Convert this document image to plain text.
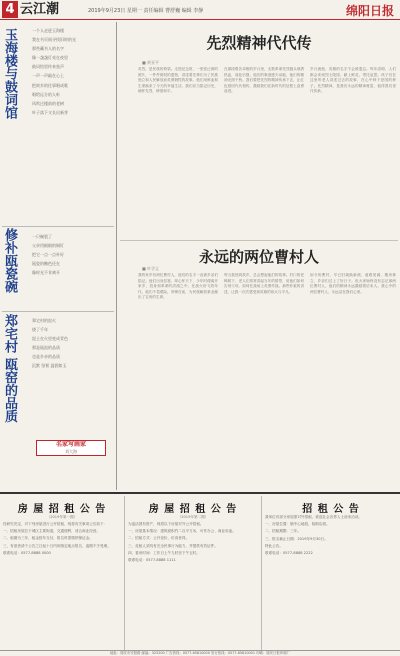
4 云江潮	2019年9月23日 星期一 责任编辑 曹舒巍 编辑 李静	绵阳日报
玉海楼与鼓词馆	一个人走进玉海楼

我在书页间寻找旧时的光

那些藏书人的名字

像一盏盏灯亮在夜里

鼓词馆里传来弦声

一声一声敲在心上

把故乡的往事唱成歌

唱给远方的人听

风吹过楼前的老树

叶子落下又长出新芽

修补瓯瓷碗	一只碗裂了

父亲用细细的铜钉

把它一点一点补好

瓯瓷的釉色还在

像时光不肯离开

郑宅村 瓯窑的品质	郑宅村的窑火

烧了千年

泥土在火里变成青色

那是瓯窑的品质

也是乡亲的品质

沉默 坚韧 温润如玉

名家写画家
刘大海
先烈精神代代传
■ 黄亚平
英烈，是民族的脊梁。走进纪念馆，一张张泛黄的照片，一件件斑驳的遗物，讲述着先辈们为了民族独立和人民解放而英勇牺牲的故事。他们用鲜血和生命换来了今天的幸福生活，我们应当铭记历史，缅怀先烈，珍惜和平。
在那段艰苦卓绝的岁月里，无数革命先烈抛头颅洒热血，前赴后继，他们的事迹感天动地，他们的精神光照千秋。我们要把先烈的精神传承下去，让红色基因代代相传，激励我们在新时代的征程上奋勇前进。
岁月流逝，英雄的名字不会被遗忘。每年清明，人们都会来到烈士陵园，献上鲜花，寄托哀思。孩子们在这里听老人讲述过去的故事，在心中种下爱国的种子。先烈精神，是我们永远的精神财富，值得我们世代传承。
永远的两位曹村人
■ 叶学义
我的家乡有两位曹村人，他们的名字一直被乡亲们铭记。他们出身贫寒，却心怀天下，少年时便离开家乡，投身到革命的洪流之中。在战火纷飞的年代，他们不畏艰险，冲锋在前，为民族解放事业献出了宝贵的生命。
每当我回到故乡，总会想起他们的故事。村口的老樟树下，老人们常常讲起当年的情景，说他们如何告别父母，如何在战场上英勇作战。那些朴素的讲述，让我一次次感受到英雄的伟大与平凡。
如今的曹村，早已旧貌换新颜，道路宽阔，楼房林立，乡亲们过上了好日子。但大家始终没有忘记那两位曹村人，他们的精神永远激励着后来人。我心中的两位曹村人，永远活在我们心里。
房 屋 招 租 公 告
（2019年第一期）

经研究决定，对下列房屋进行公开招租，现将有关事项公告如下：

一、招租房屋位于城区主要街道，交通便利，适合商业经营。

二、租期为三年，租金按年支付，报名时需缴纳保证金。

三、有意者请于公告之日起十日内到指定地点报名，逾期不予受理。

联系电话：0577-8888 0000

房 屋 招 租 公 告
（2019年第二期）

为盘活国有资产，现将以下房屋对外公开招租。

一、房屋基本情况：建筑面积约二百平方米，可作办公、商业用途。

二、招租方式：公开竞价，价高者得。

三、竞租人须具有完全民事行为能力，并提供有效证件。

四、看房时间：工作日上午九时至下午五时。

联系电话：0577-8888 1111

招 租 公 告

我单位有部分房屋需对外招租，欢迎社会各界人士前来洽谈。

一、房屋位置：镇中心地段，临街店面。

二、招租期限：三年。

三、报名截止日期：2019年9月30日。

特此公告。

联系电话：0577-8888 2222

地址：瑞安市安阳路 邮编：325200 广告热线：0577-65810000 发行热线：0577-65810001 印刷：瑞安日报印刷厂
